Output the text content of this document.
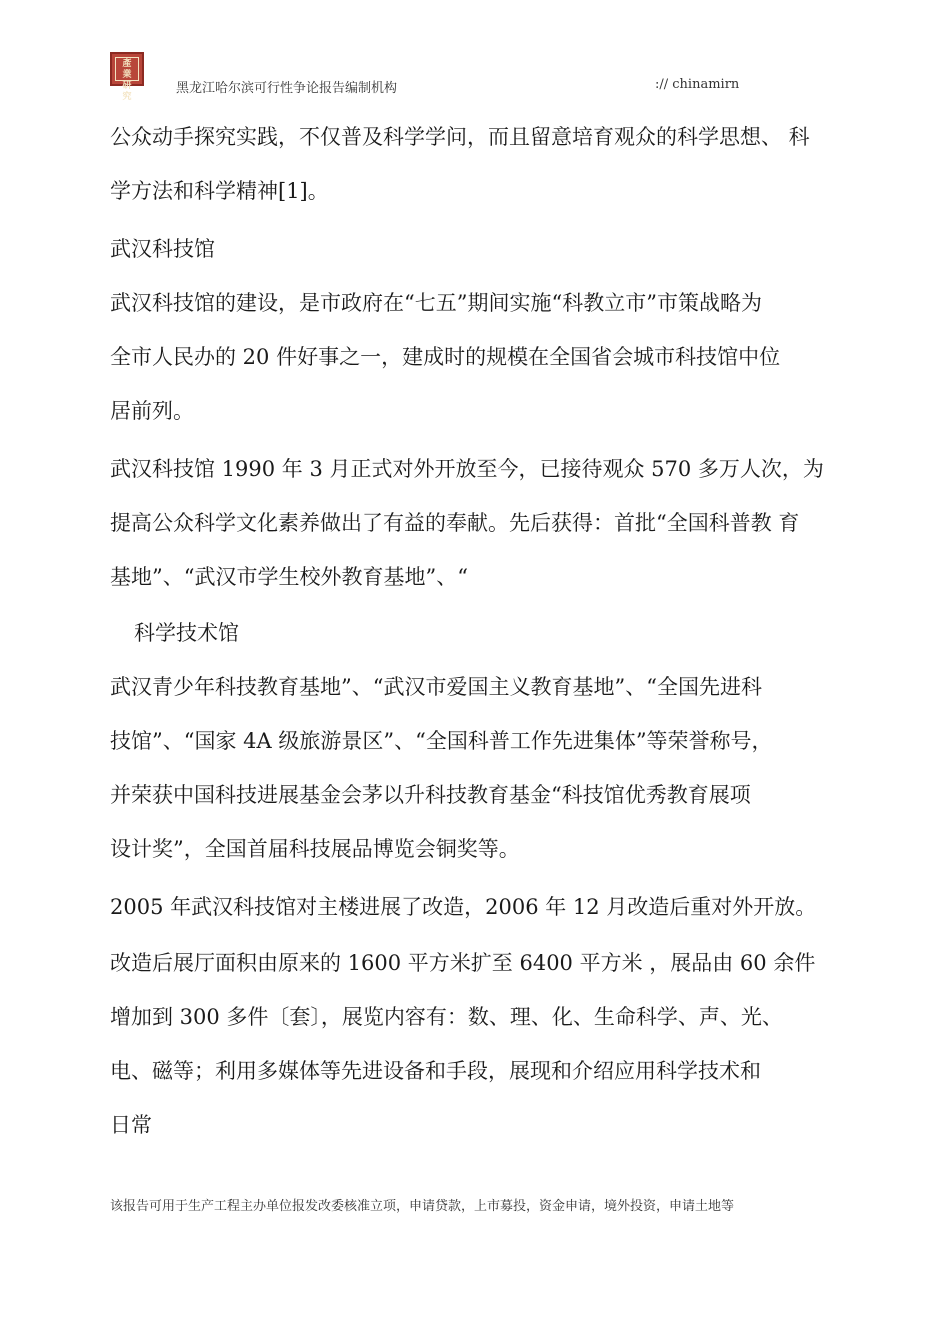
產
業
研
究
黑龙江哈尔滨可行性争论报告编制机构	:// chinamirn

公众动手探究实践，不仅普及科学学问，而且留意培育观众的科学思想、 科

学方法和科学精神[1]。

武汉科技馆

武汉科技馆的建设，是市政府在“七五”期间实施“科教立市”市策战略为

全市人民办的 20 件好事之一，建成时的规模在全国省会城市科技馆中位

居前列。

武汉科技馆 1990 年 3 月正式对外开放至今，已接待观众 570 多万人次，为

提高公众科学文化素养做出了有益的奉献。先后获得：首批“全国科普教 育

基地”、“武汉市学生校外教育基地”、“

科学技术馆

武汉青少年科技教育基地”、“武汉市爱国主义教育基地”、“全国先进科

技馆”、“国家 4A 级旅游景区”、“全国科普工作先进集体”等荣誉称号，

并荣获中国科技进展基金会茅以升科技教育基金“科技馆优秀教育展项

设计奖”，全国首届科技展品博览会铜奖等。

2005 年武汉科技馆对主楼进展了改造，2006 年 12 月改造后重对外开放。

改造后展厅面积由原来的 1600 平方米扩至 6400 平方米 ，展品由 60 余件

增加到 300 多件〔套〕，展览内容有：数、理、化、生命科学、声、光、

电、磁等；利用多媒体等先进设备和手段，展现和介绍应用科学技术和

日常

该报告可用于生产工程主办单位报发改委核准立项，申请贷款，上市募投，资金申请，境外投资，申请土地等
